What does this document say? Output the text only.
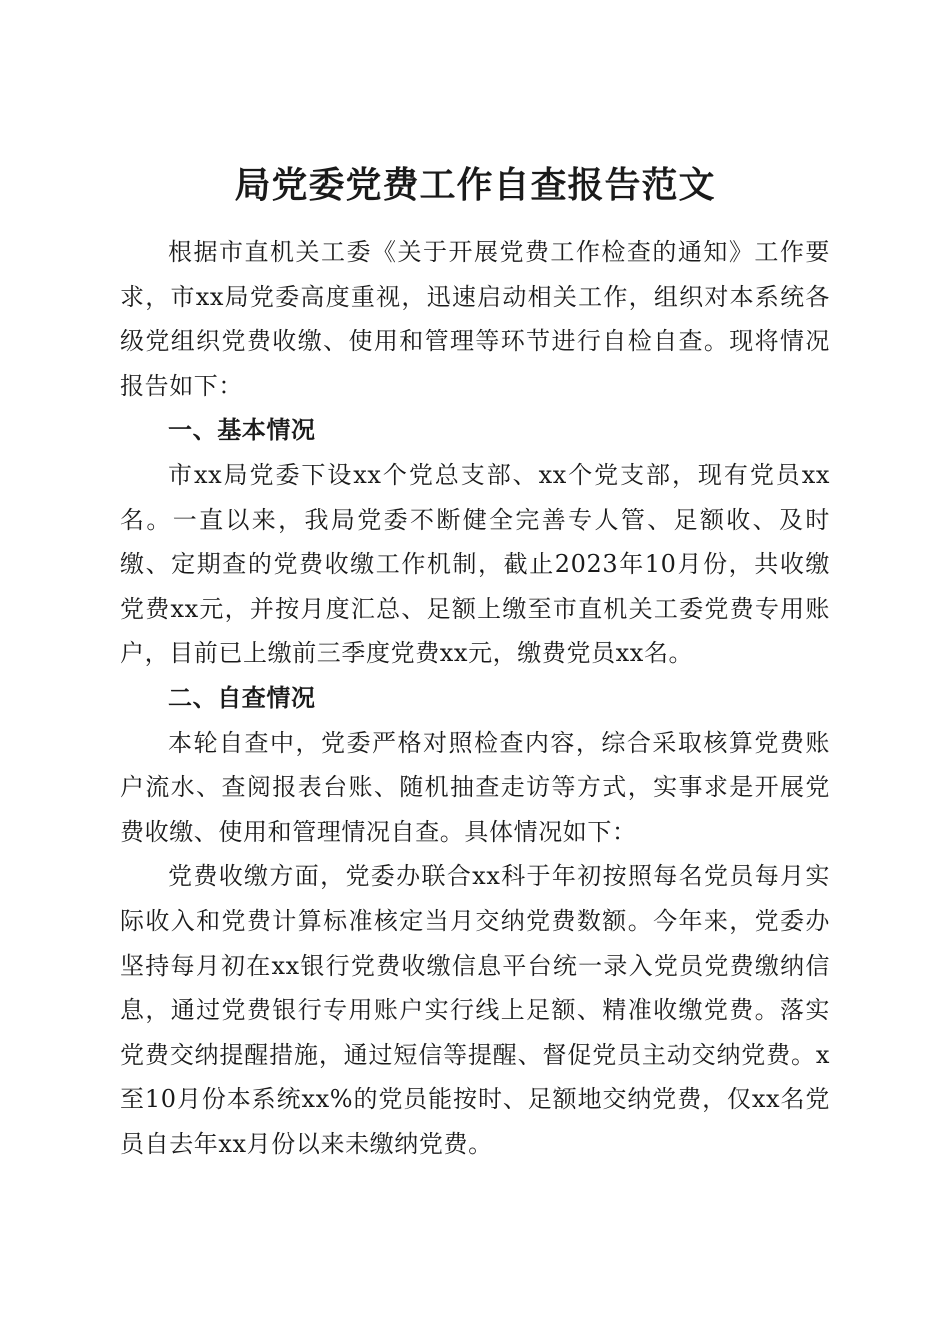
局党委党费工作自查报告范文

根据市直机关工委《关于开展党费工作检查的通知》工作要求，市xx局党委高度重视，迅速启动相关工作，组织对本系统各级党组织党费收缴、使用和管理等环节进行自检自查。现将情况报告如下：

一、基本情况

市xx局党委下设xx个党总支部、xx个党支部，现有党员xx名。一直以来，我局党委不断健全完善专人管、足额收、及时缴、定期查的党费收缴工作机制，截止2023年10月份，共收缴党费xx元，并按月度汇总、足额上缴至市直机关工委党费专用账户，目前已上缴前三季度党费xx元，缴费党员xx名。

二、自查情况

本轮自查中，党委严格对照检查内容，综合采取核算党费账户流水、查阅报表台账、随机抽查走访等方式，实事求是开展党费收缴、使用和管理情况自查。具体情况如下：

党费收缴方面，党委办联合xx科于年初按照每名党员每月实际收入和党费计算标准核定当月交纳党费数额。今年来，党委办坚持每月初在xx银行党费收缴信息平台统一录入党员党费缴纳信息，通过党费银行专用账户实行线上足额、精准收缴党费。落实党费交纳提醒措施，通过短信等提醒、督促党员主动交纳党费。x至10月份本系统xx%的党员能按时、足额地交纳党费，仅xx名党员自去年xx月份以来未缴纳党费。
